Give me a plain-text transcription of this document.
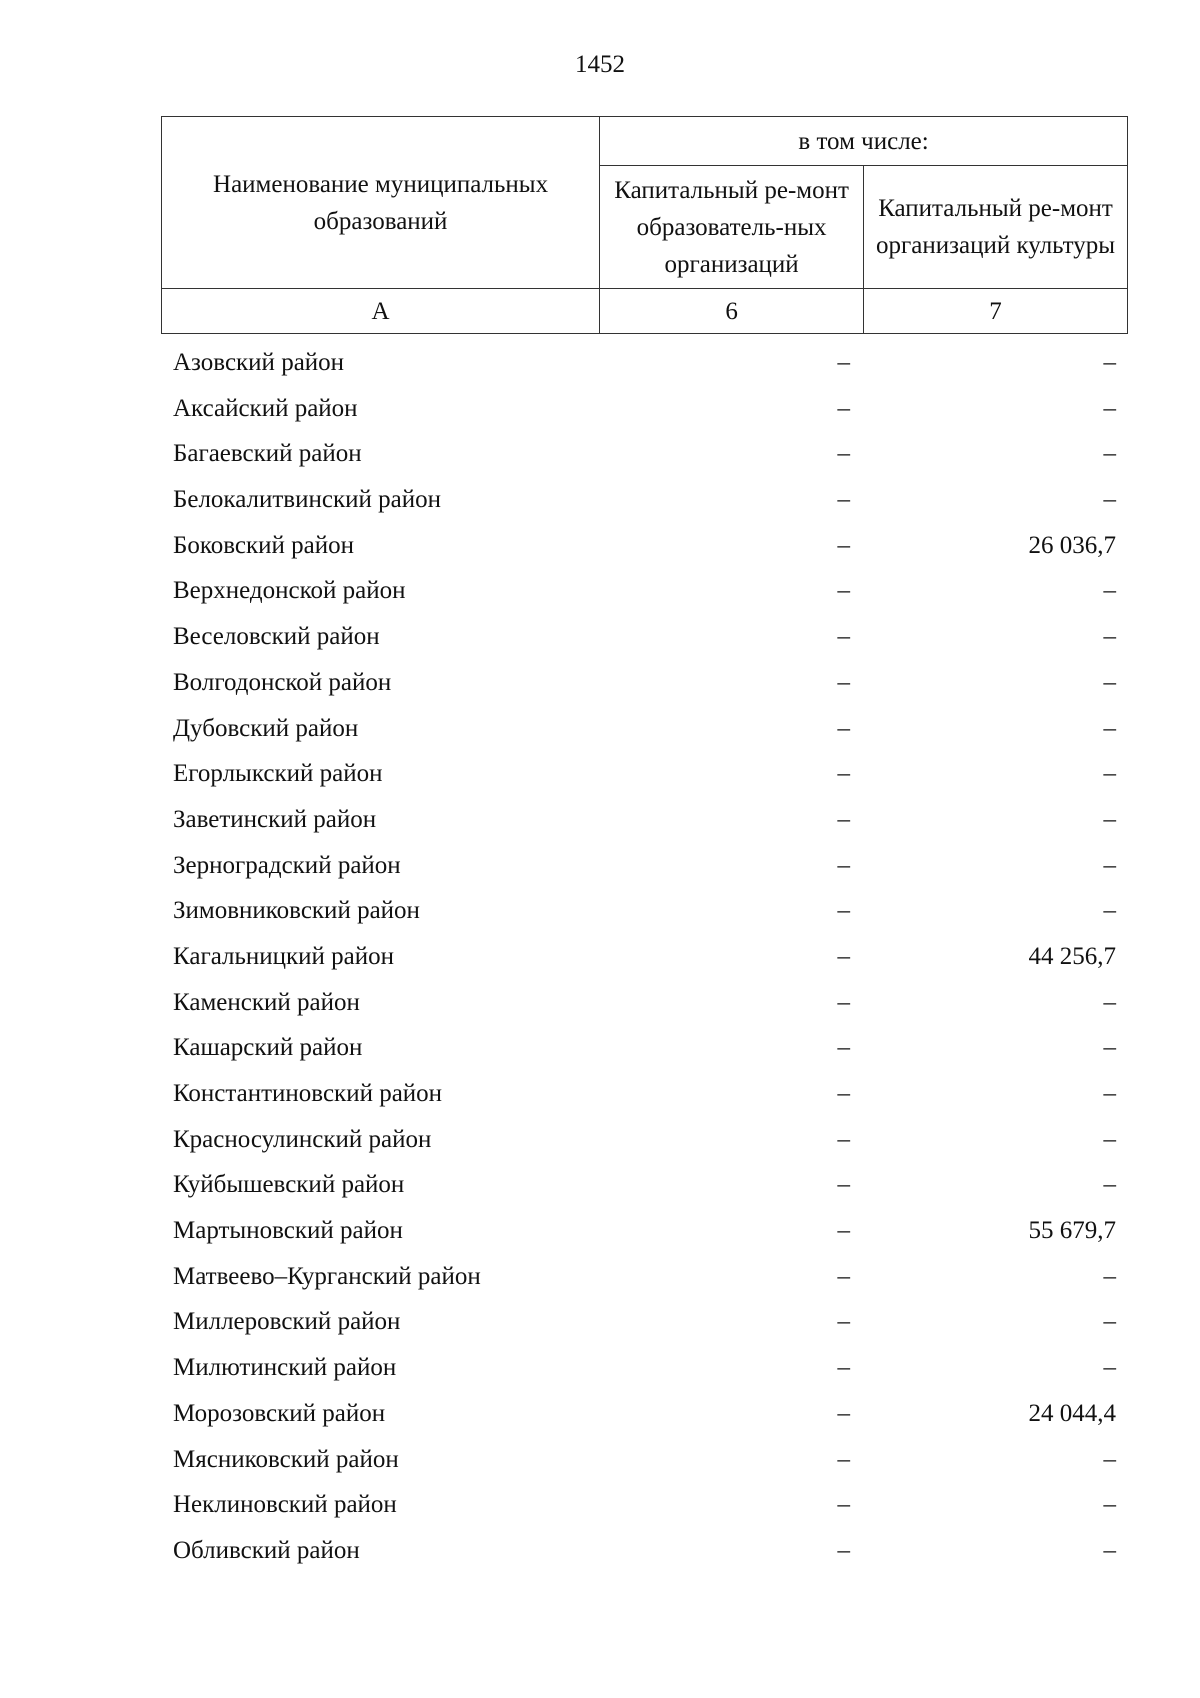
1452
Наименование муниципальных образований	в том числе:	
	Капитальный ре-монт образователь-ных организаций	Капитальный ре-монт организаций культуры
А	6	7
Азовский район	–	–
Аксайский район	–	–
Багаевский район	–	–
Белокалитвинский район	–	–
Боковский район	–	26 036,7
Верхнедонской район	–	–
Веселовский район	–	–
Волгодонской район	–	–
Дубовский район	–	–
Егорлыкский район	–	–
Заветинский район	–	–
Зерноградский район	–	–
Зимовниковский район	–	–
Кагальницкий район	–	44 256,7
Каменский район	–	–
Кашарский район	–	–
Константиновский район	–	–
Красносулинский район	–	–
Куйбышевский район	–	–
Мартыновский район	–	55 679,7
Матвеево–Курганский район	–	–
Миллеровский район	–	–
Милютинский район	–	–
Морозовский район	–	24 044,4
Мясниковский район	–	–
Неклиновский район	–	–
Обливский район	–	–
